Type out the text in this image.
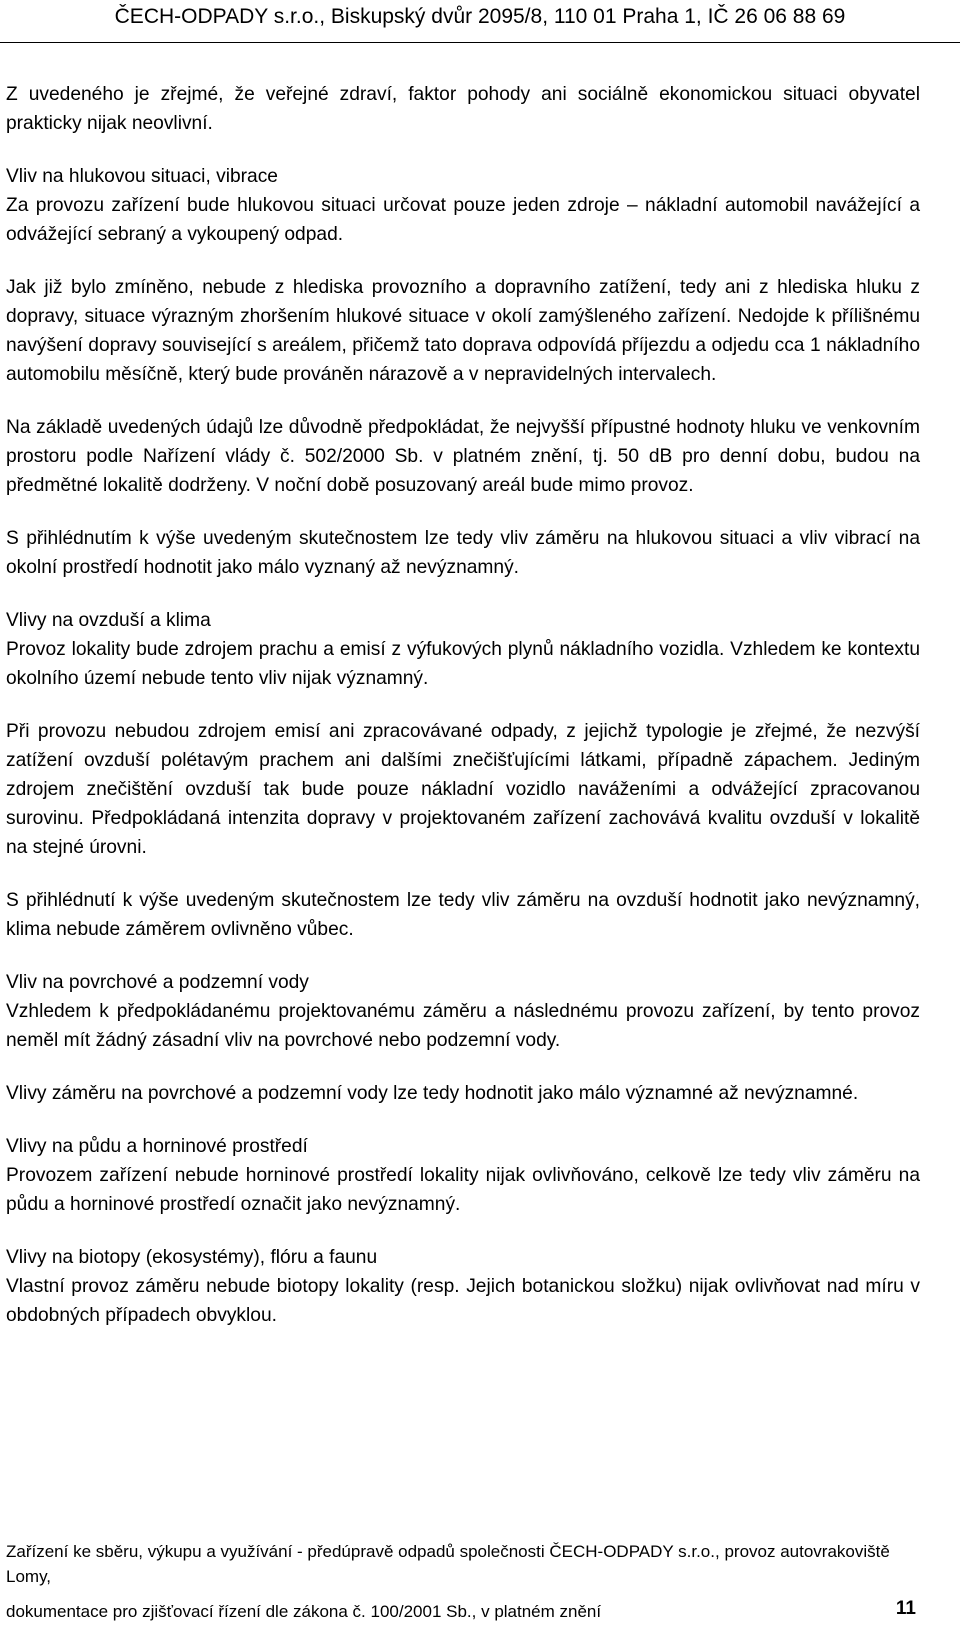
ČECH-ODPADY s.r.o., Biskupský dvůr 2095/8, 110 01 Praha 1, IČ 26 06 88 69

Z uvedeného je zřejmé, že veřejné zdraví, faktor pohody ani sociálně ekonomickou situaci obyvatel prakticky nijak neovlivní.

Vliv na hlukovou situaci, vibrace
Za provozu zařízení bude hlukovou situaci určovat pouze jeden zdroje – nákladní automobil navážející a odvážející sebraný a vykoupený odpad.

Jak již bylo zmíněno, nebude z hlediska provozního a dopravního zatížení, tedy ani z hlediska hluku z dopravy, situace výrazným zhoršením hlukové situace v okolí zamýšleného zařízení. Nedojde k přílišnému navýšení dopravy související s areálem, přičemž tato doprava odpovídá příjezdu a odjedu cca 1 nákladního automobilu měsíčně, který bude prováněn nárazově a v nepravidelných intervalech.

Na základě uvedených údajů lze důvodně předpokládat, že nejvyšší přípustné hodnoty hluku ve venkovním prostoru podle Nařízení vlády č. 502/2000 Sb. v platném znění, tj. 50 dB pro denní dobu, budou na předmětné lokalitě dodrženy. V noční době posuzovaný areál bude mimo provoz.

S přihlédnutím k výše uvedeným skutečnostem lze tedy vliv záměru na hlukovou situaci a vliv vibrací na okolní prostředí hodnotit jako málo vyznaný až nevýznamný.

Vlivy na ovzduší a klima
Provoz lokality bude zdrojem prachu a emisí z výfukových plynů nákladního vozidla. Vzhledem ke kontextu okolního území nebude tento vliv nijak významný.

Při provozu nebudou zdrojem emisí ani zpracovávané odpady, z jejichž typologie je zřejmé, že nezvýší zatížení ovzduší polétavým prachem ani dalšími znečišťujícími látkami, případně zápachem. Jediným zdrojem znečištění ovzduší tak bude pouze nákladní vozidlo naváženími a odvážející zpracovanou surovinu. Předpokládaná intenzita dopravy v projektovaném zařízení zachovává kvalitu ovzduší v lokalitě na stejné úrovni.

S přihlédnutí k výše uvedeným skutečnostem lze tedy vliv záměru na ovzduší hodnotit jako nevýznamný, klima nebude záměrem ovlivněno vůbec.

Vliv na povrchové a podzemní vody
Vzhledem k předpokládanému projektovanému záměru a následnému provozu zařízení, by tento provoz neměl mít žádný zásadní vliv na povrchové nebo podzemní vody.

Vlivy záměru na povrchové a podzemní vody lze tedy hodnotit jako málo významné až nevýznamné.

Vlivy na půdu a horninové prostředí
Provozem zařízení nebude horninové prostředí lokality nijak ovlivňováno, celkově lze tedy vliv záměru na půdu a horninové prostředí označit jako nevýznamný.

Vlivy na biotopy (ekosystémy), flóru a faunu
Vlastní provoz záměru nebude biotopy lokality (resp. Jejich botanickou složku) nijak ovlivňovat nad míru v obdobných případech obvyklou.

Zařízení ke sběru, výkupu a využívání - předúpravě odpadů společnosti ČECH-ODPADY s.r.o., provoz autovrakoviště Lomy,
dokumentace pro zjišťovací řízení dle zákona č. 100/2001 Sb., v platném znění	11
